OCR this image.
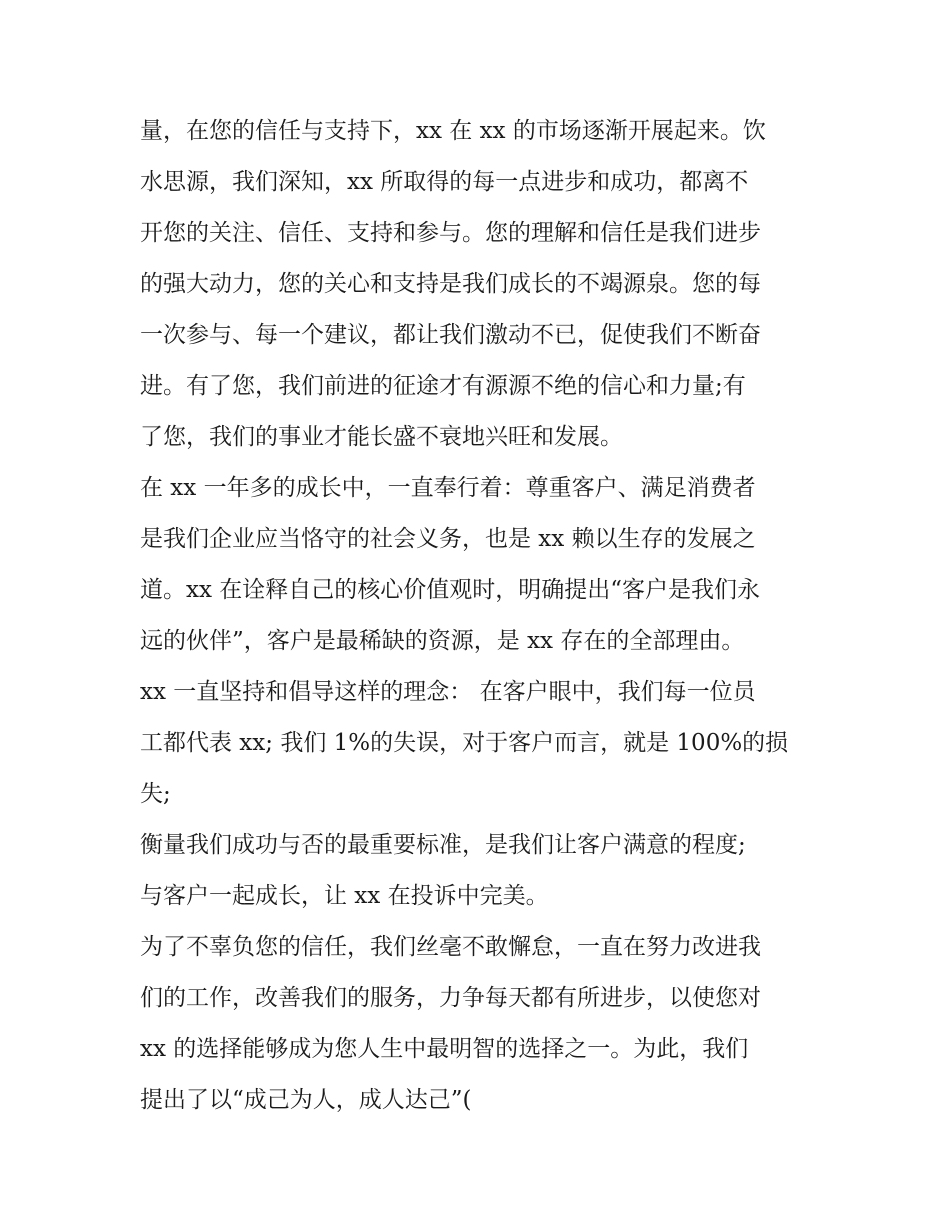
量，在您的信任与支持下，xx 在 xx 的市场逐渐开展起来。饮
水思源，我们深知，xx 所取得的每一点进步和成功，都离不
开您的关注、信任、支持和参与。您的理解和信任是我们进步
的强大动力，您的关心和支持是我们成长的不竭源泉。您的每
一次参与、每一个建议，都让我们激动不已，促使我们不断奋
进。有了您，我们前进的征途才有源源不绝的信心和力量;有
了您，我们的事业才能长盛不衰地兴旺和发展。
在 xx 一年多的成长中，一直奉行着：尊重客户、满足消费者
是我们企业应当恪守的社会义务，也是 xx 赖以生存的发展之
道。xx 在诠释自己的核心价值观时，明确提出“客户是我们永
远的伙伴”，客户是最稀缺的资源，是 xx 存在的全部理由。
xx 一直坚持和倡导这样的理念： 在客户眼中，我们每一位员
工都代表 xx; 我们 1%的失误，对于客户而言，就是 100%的损
失;
衡量我们成功与否的最重要标准，是我们让客户满意的程度;
与客户一起成长，让 xx 在投诉中完美。
为了不辜负您的信任，我们丝毫不敢懈怠，一直在努力改进我
们的工作，改善我们的服务，力争每天都有所进步，以使您对
xx 的选择能够成为您人生中最明智的选择之一。为此，我们
提出了以“成己为人，成人达己”(
